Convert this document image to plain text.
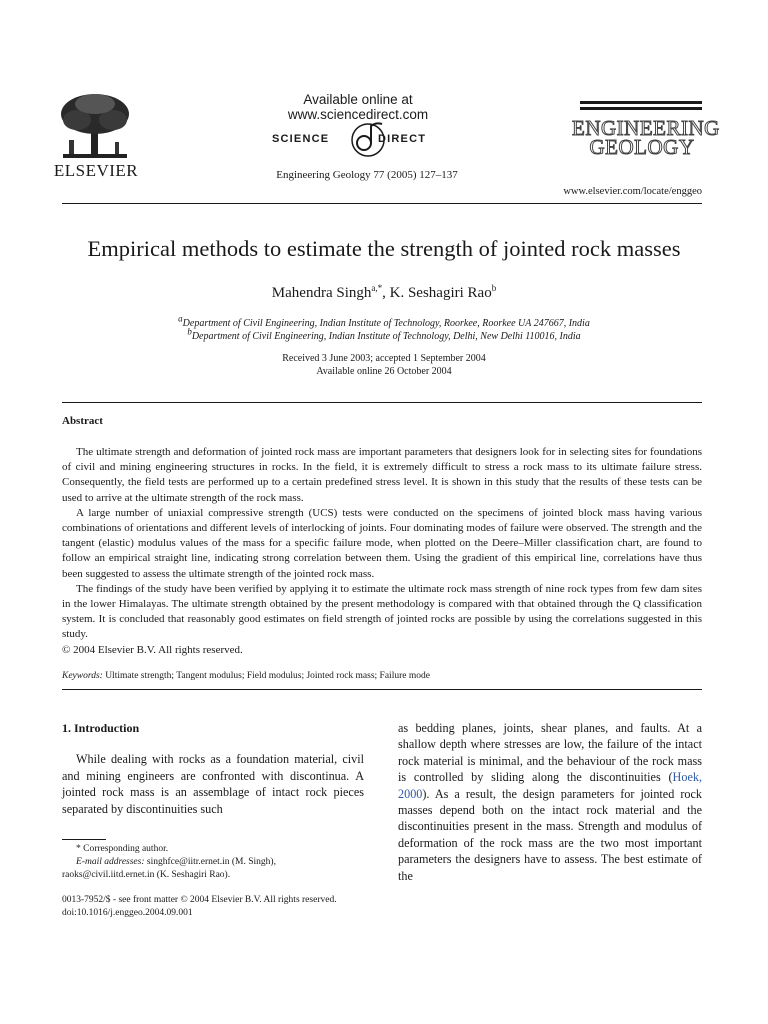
ELSEVIER
Available online at www.sciencedirect.com
SCIENCE	DIRECT
Engineering Geology 77 (2005) 127–137
ENGINEERING
GEOLOGY
www.elsevier.com/locate/enggeo
Empirical methods to estimate the strength of jointed rock masses
Mahendra Singh$^{a,*}$, K. Seshagiri Rao$^b$
$^a$Department of Civil Engineering, Indian Institute of Technology, Roorkee, Roorkee UA 247667, India
$^b$Department of Civil Engineering, Indian Institute of Technology, Delhi, New Delhi 110016, India
Received 3 June 2003; accepted 1 September 2004
Available online 26 October 2004
Abstract

The ultimate strength and deformation of jointed rock mass are important parameters that designers look for in selecting sites for foundations of civil and mining engineering structures in rocks. In the field, it is extremely difficult to stress a rock mass to its ultimate failure stress. Consequently, the field tests are performed up to a certain predefined stress level. It is shown in this study that the results of these tests can be used to arrive at the ultimate strength of the rock mass.

A large number of uniaxial compressive strength (UCS) tests were conducted on the specimens of jointed block mass having various combinations of orientations and different levels of interlocking of joints. Four dominating modes of failure were observed. The strength and the tangent (elastic) modulus values of the mass for a specific failure mode, when plotted on the Deere–Miller classification chart, are found to follow an empirical straight line, indicating strong correlation between them. Using the gradient of this empirical line, correlations have thus been suggested to assess the ultimate strength of the jointed rock mass.

The findings of the study have been verified by applying it to estimate the ultimate rock mass strength of nine rock types from few dam sites in the lower Himalayas. The ultimate strength obtained by the present methodology is compared with that obtained through the Q classification system. It is concluded that reasonably good estimates on field strength of jointed rocks are possible by using the correlations suggested in this study.

© 2004 Elsevier B.V. All rights reserved.

Keywords: Ultimate strength; Tangent modulus; Field modulus; Jointed rock mass; Failure mode
1. Introduction

While dealing with rocks as a foundation material, civil and mining engineers are confronted with discontinua. A jointed rock mass is an assemblage of intact rock pieces separated by discontinuities such

as bedding planes, joints, shear planes, and faults. At a shallow depth where stresses are low, the failure of the intact rock material is minimal, and the behaviour of the rock mass is controlled by sliding along the discontinuities (Hoek, 2000). As a result, the design parameters for jointed rock masses depend both on the intact rock material and the discontinuities present in the mass. Strength and modulus of deformation of the rock mass are the two most important parameters the designers have to assess. The best estimate of the

* Corresponding author.
E-mail addresses: singhfce@iitr.ernet.in (M. Singh),
raoks@civil.iitd.ernet.in (K. Seshagiri Rao).
0013-7952/$ - see front matter © 2004 Elsevier B.V. All rights reserved.
doi:10.1016/j.enggeo.2004.09.001
